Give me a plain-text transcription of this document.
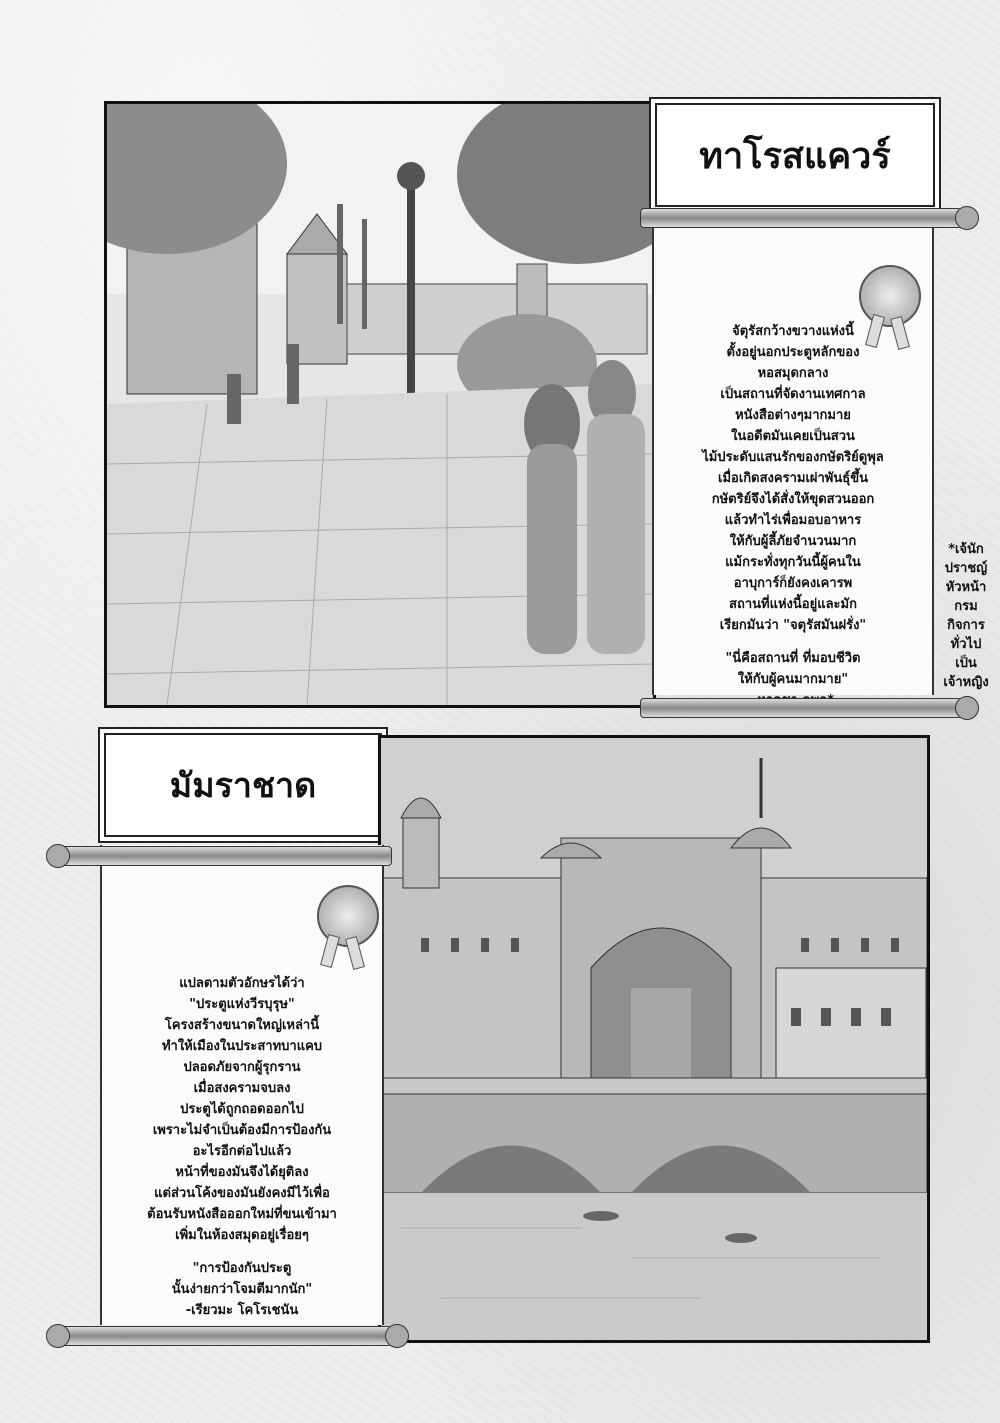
ทาโรสแควร์

จัตุรัสกว้างขวางแห่งนี้

ตั้งอยู่นอกประตูหลักของ

หอสมุดกลาง

เป็นสถานที่จัดงานเทศกาล

หนังสือต่างๆมากมาย

ในอดีตมันเคยเป็นสวน

ไม้ประดับแสนรักของกษัตริย์ดูพุล

เมื่อเกิดสงครามเผ่าพันธุ์ขึ้น

กษัตริย์จึงได้สั่งให้ขุดสวนออก

แล้วทำไร่เพื่อมอบอาหาร

ให้กับผู้ลี้ภัยจำนวนมาก

แม้กระทั่งทุกวันนี้ผู้คนใน

อาบุการ์ก็ยังคงเคารพ

สถานที่แห่งนี้อยู่และมัก

เรียกมันว่า "จตุรัสมันฝรั่ง"

"นี่คือสถานที่ ที่มอบชีวิต

ให้กับผู้คนมากมาย"

*เจ้นัก

ปราชญ์

หัวหน้า

กรม

กิจการ

ทั่วไป

เป็น

เจ้าหญิง

มัมราชาด

แปลตามตัวอักษรได้ว่า

"ประตูแห่งวีรบุรุษ"

โครงสร้างขนาดใหญ่เหล่านี้

ทำให้เมืองในประสาทบาแคบ

ปลอดภัยจากผู้รุกราน

เมื่อสงครามจบลง

ประตูได้ถูกถอดออกไป

เพราะไม่จำเป็นต้องมีการป้องกัน

อะไรอีกต่อไปแล้ว

หน้าที่ของมันจึงได้ยุติลง

แต่ส่วนโค้งของมันยังคงมีไว้เพื่อ

ต้อนรับหนังสือออกใหม่ที่ขนเข้ามา

เพิ่มในห้องสมุดอยู่เรื่อยๆ

"การป้องกันประตู

นั้นง่ายกว่าโจมตีมากนัก"

-เรียวมะ โคโรเชนัน
